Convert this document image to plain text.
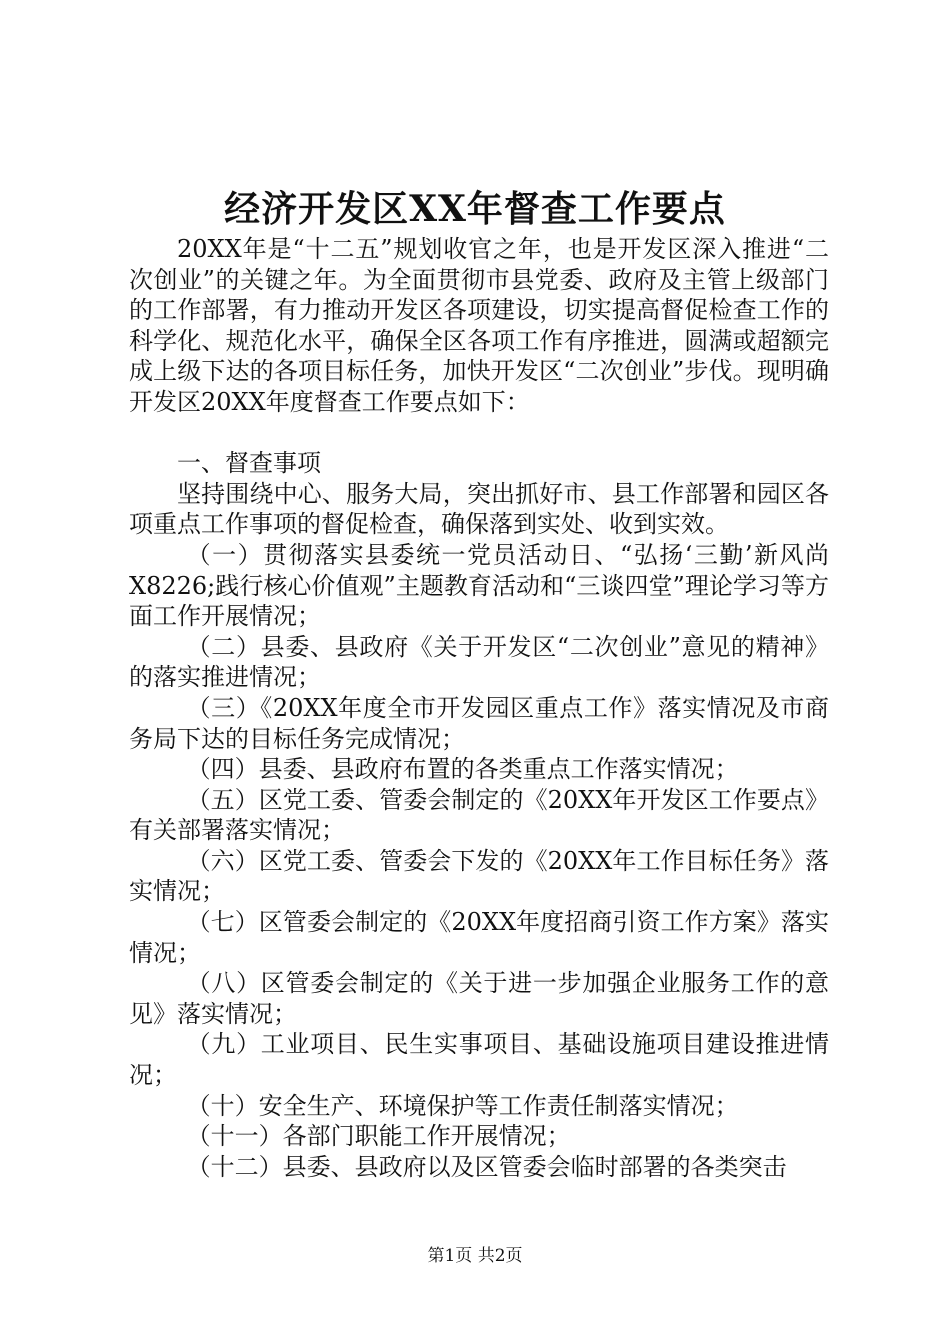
经济开发区XX年督查工作要点

20XX年是“十二五”规划收官之年，也是开发区深入推进“二次创业”的关键之年。为全面贯彻市县党委、政府及主管上级部门的工作部署，有力推动开发区各项建设，切实提高督促检查工作的科学化、规范化水平，确保全区各项工作有序推进，圆满或超额完成上级下达的各项目标任务，加快开发区“二次创业”步伐。现明确开发区20XX年度督查工作要点如下：

一、督查事项

坚持围绕中心、服务大局，突出抓好市、县工作部署和园区各项重点工作事项的督促检查，确保落到实处、收到实效。

（一）贯彻落实县委统一党员活动日、“弘扬‘三勤’新风尚X8226;践行核心价值观”主题教育活动和“三谈四堂”理论学习等方面工作开展情况；

（二）县委、县政府《关于开发区“二次创业”意见的精神》的落实推进情况；

（三）《20XX年度全市开发园区重点工作》落实情况及市商务局下达的目标任务完成情况；

（四）县委、县政府布置的各类重点工作落实情况；

（五）区党工委、管委会制定的《20XX年开发区工作要点》有关部署落实情况；

（六）区党工委、管委会下发的《20XX年工作目标任务》落实情况；

（七）区管委会制定的《20XX年度招商引资工作方案》落实情况；

（八）区管委会制定的《关于进一步加强企业服务工作的意见》落实情况；

（九）工业项目、民生实事项目、基础设施项目建设推进情况；

（十）安全生产、环境保护等工作责任制落实情况；

（十一）各部门职能工作开展情况；

（十二）县委、县政府以及区管委会临时部署的各类突击

第1页 共2页
